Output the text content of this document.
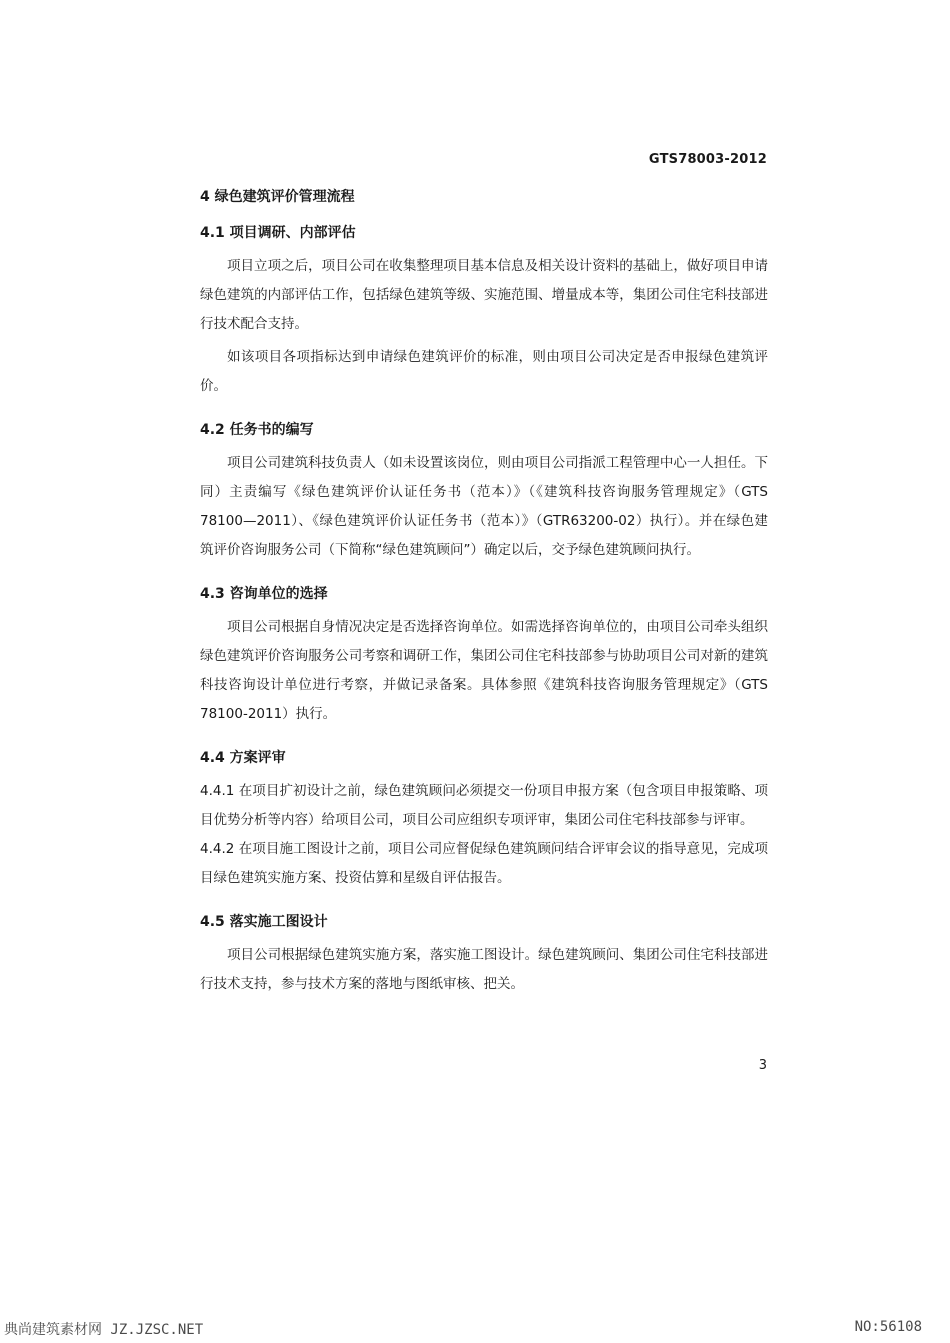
GTS78003-2012
4 绿色建筑评价管理流程
4.1 项目调研、内部评估

项目立项之后，项目公司在收集整理项目基本信息及相关设计资料的基础上，做好项目申请绿色建筑的内部评估工作，包括绿色建筑等级、实施范围、增量成本等，集团公司住宅科技部进行技术配合支持。

如该项目各项指标达到申请绿色建筑评价的标准，则由项目公司决定是否申报绿色建筑评价。

4.2 任务书的编写

项目公司建筑科技负责人（如未设置该岗位，则由项目公司指派工程管理中心一人担任。下同）主责编写《绿色建筑评价认证任务书（范本）》（《建筑科技咨询服务管理规定》（GTS 78100—2011）、《绿色建筑评价认证任务书（范本）》（GTR63200-02）执行）。并在绿色建筑评价咨询服务公司（下简称“绿色建筑顾问”）确定以后，交予绿色建筑顾问执行。

4.3 咨询单位的选择

项目公司根据自身情况决定是否选择咨询单位。如需选择咨询单位的，由项目公司牵头组织绿色建筑评价咨询服务公司考察和调研工作，集团公司住宅科技部参与协助项目公司对新的建筑科技咨询设计单位进行考察，并做记录备案。具体参照《建筑科技咨询服务管理规定》（GTS 78100-2011）执行。

4.4 方案评审

4.4.1 在项目扩初设计之前，绿色建筑顾问必须提交一份项目申报方案（包含项目申报策略、项目优势分析等内容）给项目公司，项目公司应组织专项评审，集团公司住宅科技部参与评审。

4.4.2 在项目施工图设计之前，项目公司应督促绿色建筑顾问结合评审会议的指导意见，完成项目绿色建筑实施方案、投资估算和星级自评估报告。

4.5 落实施工图设计

项目公司根据绿色建筑实施方案，落实施工图设计。绿色建筑顾问、集团公司住宅科技部进行技术支持，参与技术方案的落地与图纸审核、把关。

3
典尚建筑素材网 JZ.JZSC.NET	NO:56108
